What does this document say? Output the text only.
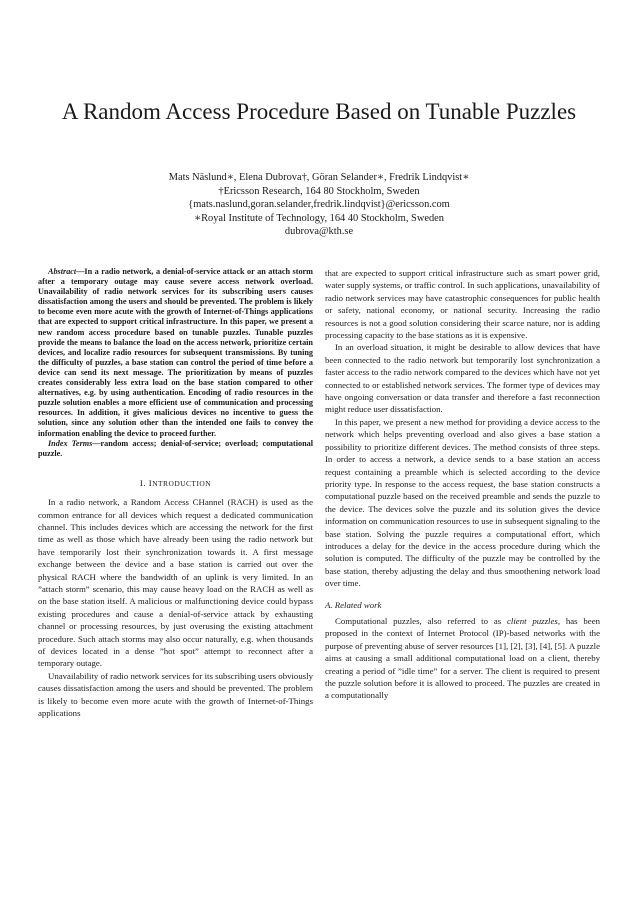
A Random Access Procedure Based on Tunable Puzzles
Mats Näslund∗, Elena Dubrova†, Göran Selander∗, Fredrik Lindqvist∗
†Ericsson Research, 164 80 Stockholm, Sweden
{mats.naslund,goran.selander,fredrik.lindqvist}@ericsson.com
∗Royal Institute of Technology, 164 40 Stockholm, Sweden
dubrova@kth.se

Abstract—In a radio network, a denial-of-service attack or an attach storm after a temporary outage may cause severe access network overload. Unavailability of radio network services for its subscribing users causes dissatisfaction among the users and should be prevented. The problem is likely to become even more acute with the growth of Internet-of-Things applications that are expected to support critical infrastructure. In this paper, we present a new random access procedure based on tunable puzzles. Tunable puzzles provide the means to balance the load on the access network, prioritize certain devices, and localize radio resources for subsequent transmissions. By tuning the difficulty of puzzles, a base station can control the period of time before a device can send its next message. The prioritization by means of puzzles creates considerably less extra load on the base station compared to other alternatives, e.g. by using authentication. Encoding of radio resources in the puzzle solution enables a more efficient use of communication and processing resources. In addition, it gives malicious devices no incentive to guess the solution, since any solution other than the intended one fails to convey the information enabling the device to proceed further.

Index Terms—random access; denial-of-service; overload; computational puzzle.

I. INTRODUCTION

In a radio network, a Random Access CHannel (RACH) is used as the common entrance for all devices which request a dedicated communication channel. This includes devices which are accessing the network for the first time as well as those which have already been using the radio network but have temporarily lost their synchronization towards it. A first message exchange between the device and a base station is carried out over the physical RACH where the bandwidth of an uplink is very limited. In an ”attach storm” scenario, this may cause heavy load on the RACH as well as on the base station itself. A malicious or malfunctioning device could bypass existing procedures and cause a denial-of-service attack by exhausting channel or processing resources, by just overusing the existing attachment procedure. Such attach storms may also occur naturally, e.g. when thousands of devices located in a dense ”hot spot” attempt to reconnect after a temporary outage.

Unavailability of radio network services for its subscribing users obviously causes dissatisfaction among the users and should be prevented. The problem is likely to become even more acute with the growth of Internet-of-Things applications

that are expected to support critical infrastructure such as smart power grid, water supply systems, or traffic control. In such applications, unavailability of radio network services may have catastrophic consequences for public health or safety, national economy, or national security. Increasing the radio resources is not a good solution considering their scarce nature, nor is adding processing capacity to the base stations as it is expensive.

In an overload situation, it might be desirable to allow devices that have been connected to the radio network but temporarily lost synchronization a faster access to the radio network compared to the devices which have not yet connected to or established network services. The former type of devices may have ongoing conversation or data transfer and therefore a fast reconnection might reduce user dissatisfaction.

In this paper, we present a new method for providing a device access to the network which helps preventing overload and also gives a base station a possibility to prioritize different devices. The method consists of three steps. In order to access a network, a device sends to a base station an access request containing a preamble which is selected according to the device priority type. In response to the access request, the base station constructs a computational puzzle based on the received preamble and sends the puzzle to the device. The devices solve the puzzle and its solution gives the device information on communication resources to use in subsequent signaling to the base station. Solving the puzzle requires a computational effort, which introduces a delay for the device in the access procedure during which the solution is computed. The difficulty of the puzzle may be controlled by the base station, thereby adjusting the delay and thus smoothening network load over time.

A. Related work

Computational puzzles, also referred to as client puzzles, has been proposed in the context of Internet Protocol (IP)-based networks with the purpose of preventing abuse of server resources [1], [2], [3], [4], [5]. A puzzle aims at causing a small additional computational load on a client, thereby creating a period of ”idle time” for a server. The client is required to present the puzzle solution before it is allowed to proceed. The puzzles are created in a computationally
